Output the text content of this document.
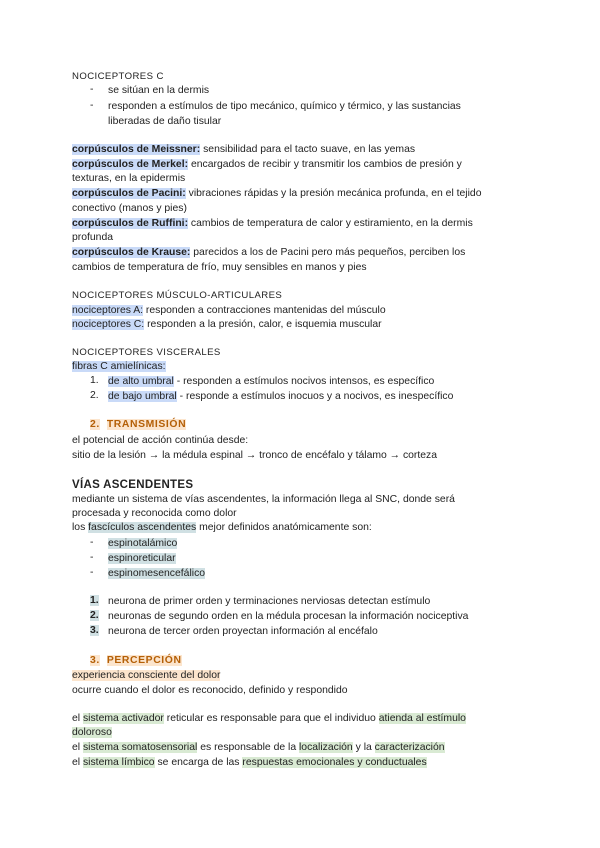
NOCICEPTORES C
- se sitúan en la dermis
- responden a estímulos de tipo mecánico, químico y térmico, y las sustancias
liberadas de daño tisular
corpúsculos de Meissner: sensibilidad para el tacto suave, en las yemas
corpúsculos de Merkel: encargados de recibir y transmitir los cambios de presión y
texturas, en la epidermis
corpúsculos de Pacini: vibraciones rápidas y la presión mecánica profunda, en el tejido
conectivo (manos y pies)
corpúsculos de Ruffini: cambios de temperatura de calor y estiramiento, en la dermis
profunda
corpúsculos de Krause: parecidos a los de Pacini pero más pequeños, perciben los
cambios de temperatura de frío, muy sensibles en manos y pies
NOCICEPTORES MÚSCULO-ARTICULARES
nociceptores A: responden a contracciones mantenidas del músculo
nociceptores C: responden a la presión, calor, e isquemia muscular
NOCICEPTORES VISCERALES
fibras C amielínicas:
1. de alto umbral - responden a estímulos nocivos intensos, es específico
2. de bajo umbral - responde a estímulos inocuos y a nocivos, es inespecífico
2. TRANSMISIÓN
el potencial de acción continúa desde:
sitio de la lesión → la médula espinal → tronco de encéfalo y tálamo → corteza
VÍAS ASCENDENTES
mediante un sistema de vías ascendentes, la información llega al SNC, donde será
procesada y reconocida como dolor
los fascículos ascendentes mejor definidos anatómicamente son:
- espinotalámico
- espinoreticular
- espinomesencefálico
1. neurona de primer orden y terminaciones nerviosas detectan estímulo
2. neuronas de segundo orden en la médula procesan la información nociceptiva
3. neurona de tercer orden proyectan información al encéfalo
3. PERCEPCIÓN
experiencia consciente del dolor
ocurre cuando el dolor es reconocido, definido y respondido
el sistema activador reticular es responsable para que el individuo atienda al estímulo
doloroso
el sistema somatosensorial es responsable de la localización y la caracterización
el sistema límbico se encarga de las respuestas emocionales y conductuales
